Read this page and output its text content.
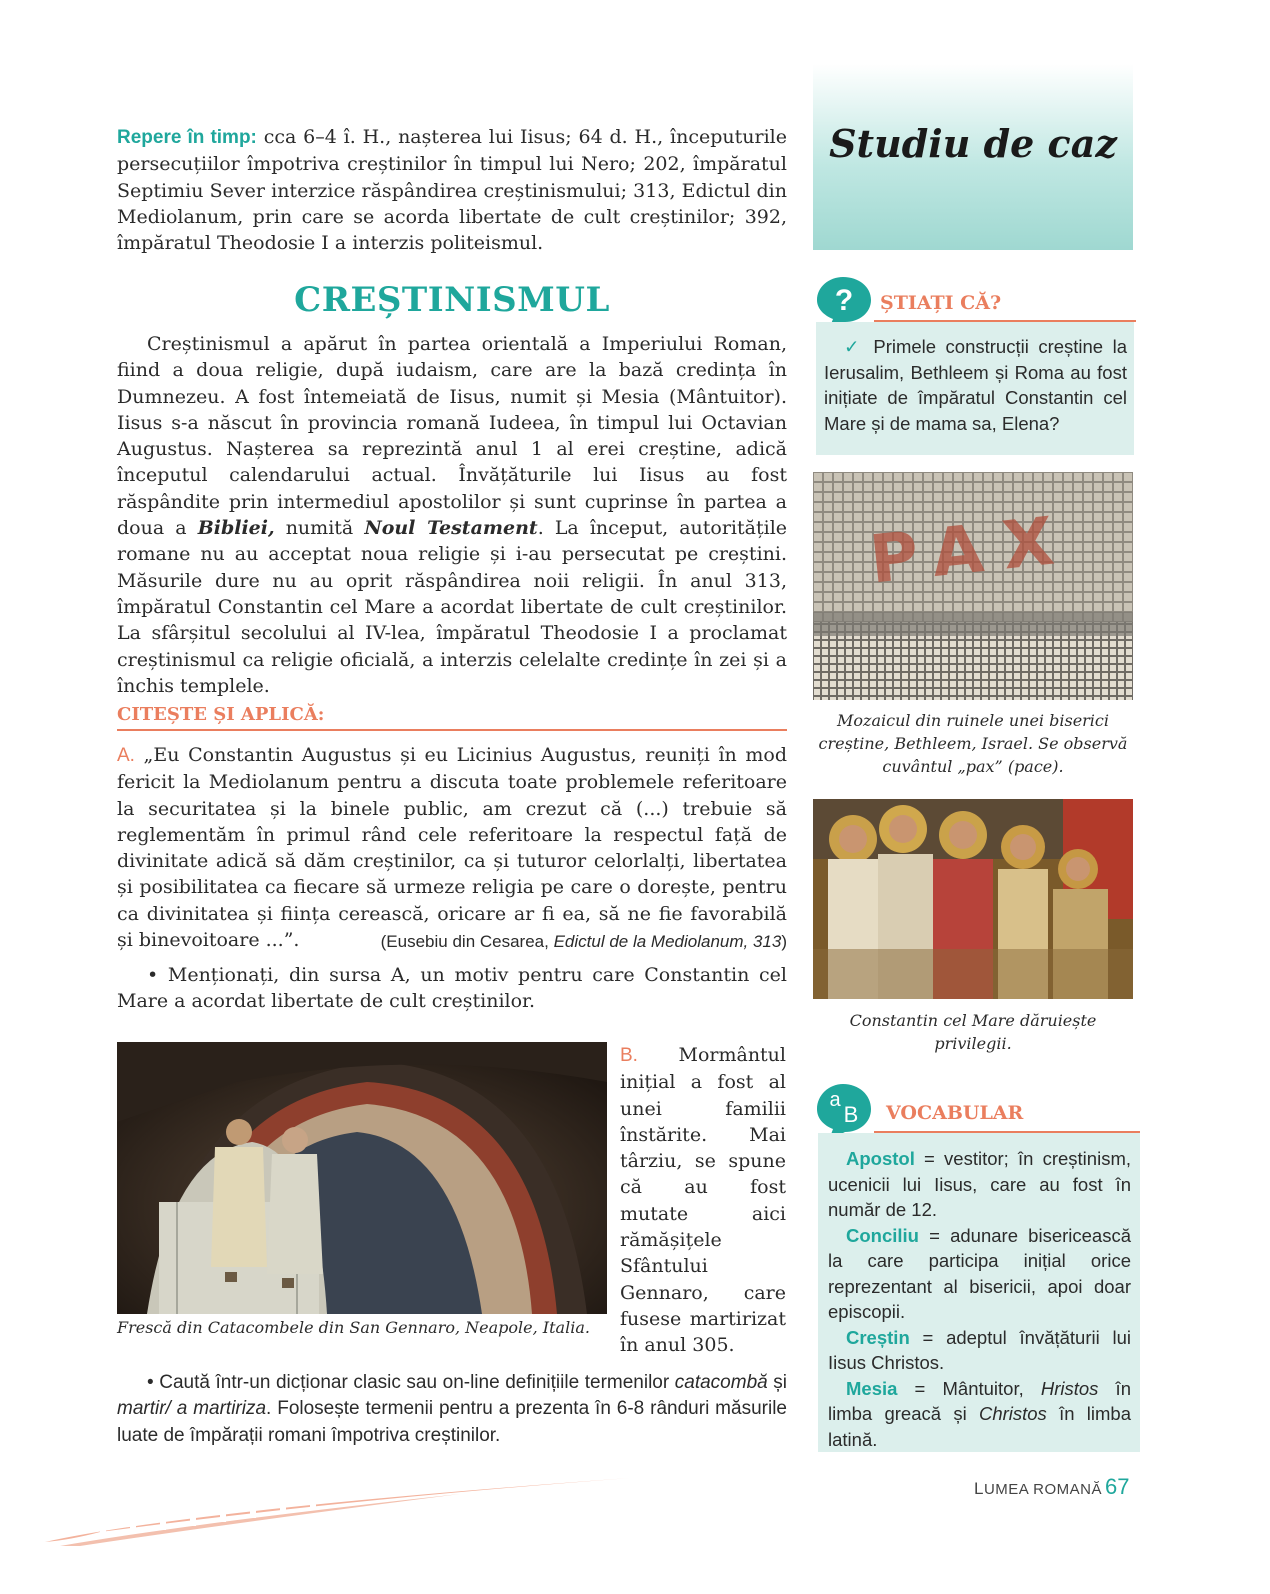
Repere în timp: cca 6–4 î. H., nașterea lui Iisus; 64 d. H., începuturile persecuțiilor împotriva creștinilor în timpul lui Nero; 202, împăratul Septimiu Sever interzice răspândirea creștinismului; 313, Edictul din Mediolanum, prin care se acorda libertate de cult creștinilor; 392, împăratul Theodosie I a interzis politeismul.
CREȘTINISMUL
Creștinismul a apărut în partea orientală a Imperiului Roman, fiind a doua religie, după iudaism, care are la bază credința în Dumnezeu. A fost întemeiată de Iisus, numit și Mesia (Mântuitor). Iisus s-a născut în provincia romană Iudeea, în timpul lui Octavian Augustus. Nașterea sa reprezintă anul 1 al erei creștine, adică începutul calendarului actual. Învățăturile lui Iisus au fost răspândite prin intermediul apostolilor și sunt cuprinse în partea a doua a Bibliei, numită Noul Testament. La început, autoritățile romane nu au acceptat noua religie și i-au persecutat pe creștini. Măsurile dure nu au oprit răspândirea noii religii. În anul 313, împăratul Constantin cel Mare a acordat libertate de cult creștinilor. La sfârșitul secolului al IV-lea, împăratul Theodosie I a proclamat creștinismul ca religie oficială, a interzis celelalte credințe în zei și a închis templele.
CITEȘTE ȘI APLICĂ:
A. „Eu Constantin Augustus și eu Licinius Augustus, reuniți în mod fericit la Mediolanum pentru a discuta toate problemele referitoare la securitatea și la binele public, am crezut că (...) trebuie să reglementăm în primul rând cele referitoare la respectul față de divinitate adică să dăm creștinilor, ca și tuturor celorlalți, libertatea și posibilitatea ca fiecare să urmeze religia pe care o dorește, pentru ca divinitatea și ființa cerească, oricare ar fi ea, să ne fie favorabilă și binevoitoare ...”.	(Eusebiu din Cesarea, Edictul de la Mediolanum, 313)
• Menționați, din sursa A, un motiv pentru care Constantin cel Mare a acordat libertate de cult creștinilor.
Frescă din Catacombele din San Gennaro, Neapole, Italia.
B. Mormântul inițial a fost al unei familii înstărite. Mai târziu, se spune că au fost mutate aici rămășițele Sfântului Gennaro, care fusese martirizat în anul 305.
• Caută într-un dicționar clasic sau on-line definițiile termenilor catacombă și martir/ a martiriza. Folosește termenii pentru a prezenta în 6-8 rânduri măsurile luate de împărații romani împotriva creștinilor.
Studiu de caz
? ȘTIAȚI CĂ?
✓ Primele construcții creștine la Ierusalim, Bethleem și Roma au fost inițiate de împăratul Constantin cel Mare și de mama sa, Elena?
PAX
Mozaicul din ruinele unei biserici creștine, Bethleem, Israel. Se observă cuvântul „pax” (pace).
Constantin cel Mare dăruiește privilegii.
a
B VOCABULAR

Apostol = vestitor; în creștinism, ucenicii lui Iisus, care au fost în număr de 12.

Conciliu = adunare bisericească la care participa inițial orice reprezentant al bisericii, apoi doar episcopii.

Creștin = adeptul învățăturii lui Iisus Christos.

Mesia = Mântuitor, Hristos în limba greacă și Christos în limba latină.

LUMEA ROMANĂ 67
